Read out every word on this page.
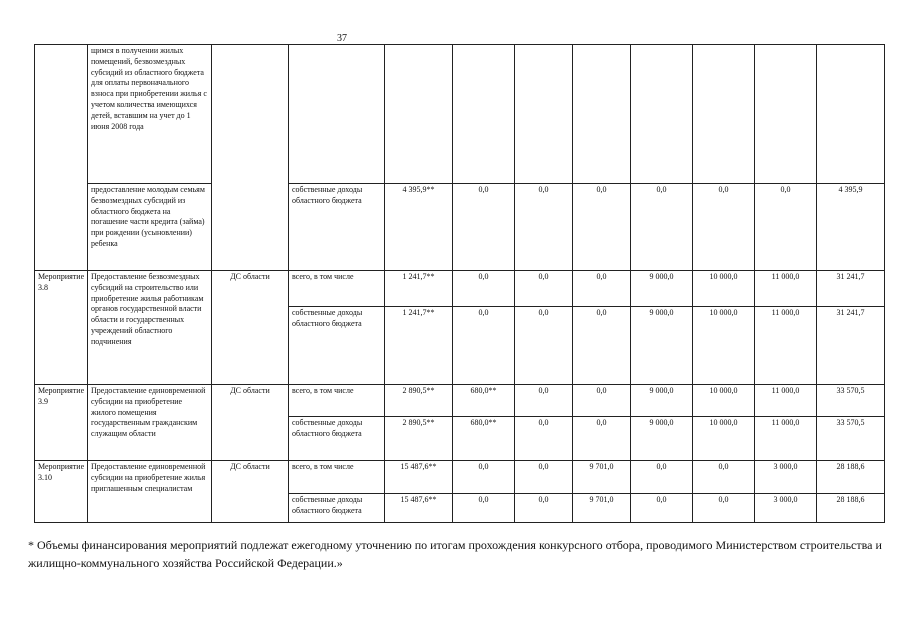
37
	щимся в получении жилых помещений, безвозмездных субсидий из областного бюджета для оплаты первоначального взноса при приобретении жилья с учетом количества имеющихся детей, вставшим на учет до 1 июня 2008 года										
	предоставление молодым семьям безвозмездных субсидий из областного бюджета на погашение части кредита (займа) при рождении (усыновлении) ребенка		собственные доходы областного бюджета	4 395,9**	0,0	0,0	0,0	0,0	0,0	0,0	4 395,9
Мероприятие 3.8	Предоставление безвозмездных субсидий на строительство или приобретение жилья работникам органов государственной власти области и государственных учреждений областного подчинения	ДС области	всего, в том числе	1 241,7**	0,0	0,0	0,0	9 000,0	10 000,0	11 000,0	31 241,7
			собственные доходы областного бюджета	1 241,7**	0,0	0,0	0,0	9 000,0	10 000,0	11 000,0	31 241,7
Мероприятие 3.9	Предоставление единовременной субсидии на приобретение жилого помещения государственным гражданским служащим области	ДС области	всего, в том числе	2 890,5**	680,0**	0,0	0,0	9 000,0	10 000,0	11 000,0	33 570,5
			собственные доходы областного бюджета	2 890,5**	680,0**	0,0	0,0	9 000,0	10 000,0	11 000,0	33 570,5
Мероприятие 3.10	Предоставление единовременной субсидии на приобретение жилья приглашенным специалистам	ДС области	всего, в том числе	15 487,6**	0,0	0,0	9 701,0	0,0	0,0	3 000,0	28 188,6
			собственные доходы областного бюджета	15 487,6**	0,0	0,0	9 701,0	0,0	0,0	3 000,0	28 188,6
* Объемы финансирования мероприятий подлежат ежегодному уточнению по итогам прохождения конкурсного отбора, проводимого Министерством строительства и жилищно-коммунального хозяйства Российской Федерации.»
